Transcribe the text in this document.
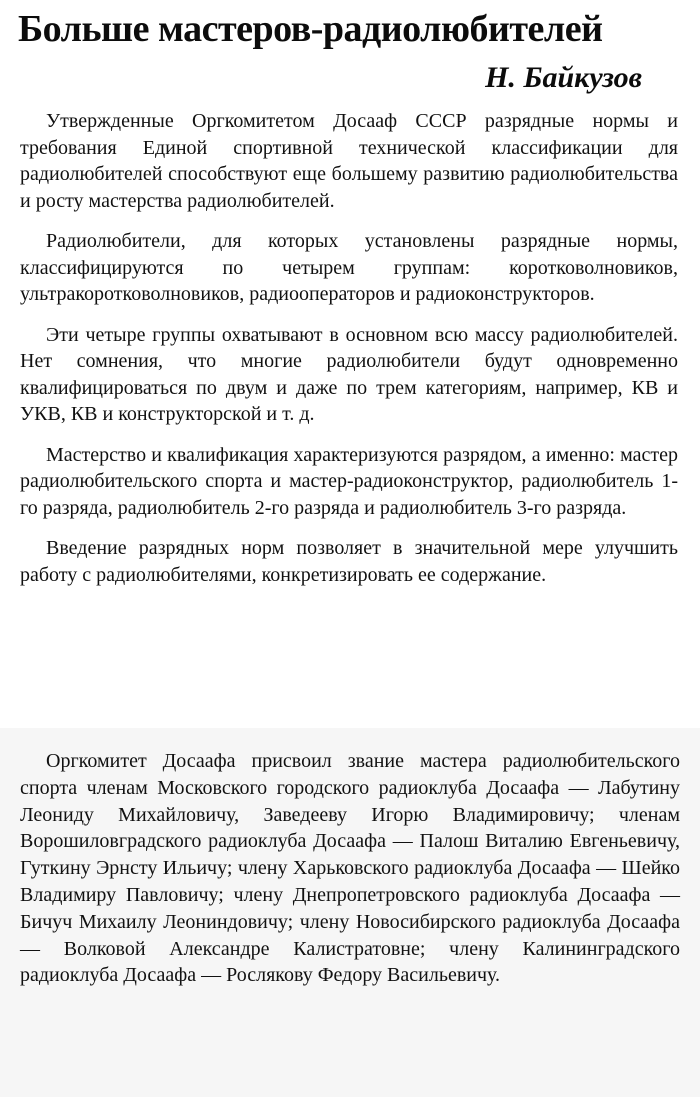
Больше мастеров-радиолюбителей
Н. Байкузов

Утвержденные Оргкомитетом Досааф СССР разрядные нормы и требования Единой спортивной технической классификации для радиолюбителей способствуют еще большему развитию радиолюбительства и росту мастерства радиолюбителей.

Радиолюбители, для которых установлены разрядные нормы, классифицируются по четырем группам: коротковолновиков, ультракоротковолновиков, радиооператоров и радиоконструкторов.

Эти четыре группы охватывают в основном всю массу радиолюбителей. Нет сомнения, что многие радиолюбители будут одновременно квалифицироваться по двум и даже по трем категориям, например, КВ и УКВ, КВ и конструкторской и т. д.

Мастерство и квалификация характеризуются разрядом, а именно: мастер радиолюбительского спорта и мастер-радиоконструктор, радиолюбитель 1-го разряда, радиолюбитель 2-го разряда и радиолюбитель 3-го разряда.

Введение разрядных норм позволяет в значительной мере улучшить работу с радиолюбителями, конкретизировать ее содержание.

Оргкомитет Досаафа присвоил звание мастера радиолюбительского спорта членам Московского городского радиоклуба Досаафа — Лабутину Леониду Михайловичу, Заведееву Игорю Владимировичу; членам Ворошиловградского радиоклуба Досаафа — Палош Виталию Евгеньевичу, Гуткину Эрнсту Ильичу; члену Харьковского радиоклуба Досаафа — Шейко Владимиру Павловичу; члену Днепропетровского радиоклуба Досаафа — Бичуч Михаилу Леониндовичу; члену Новосибирского радиоклуба Досаафа — Волковой Александре Калистратовне; члену Калининградского радиоклуба Досаафа — Рослякову Федору Васильевичу.
